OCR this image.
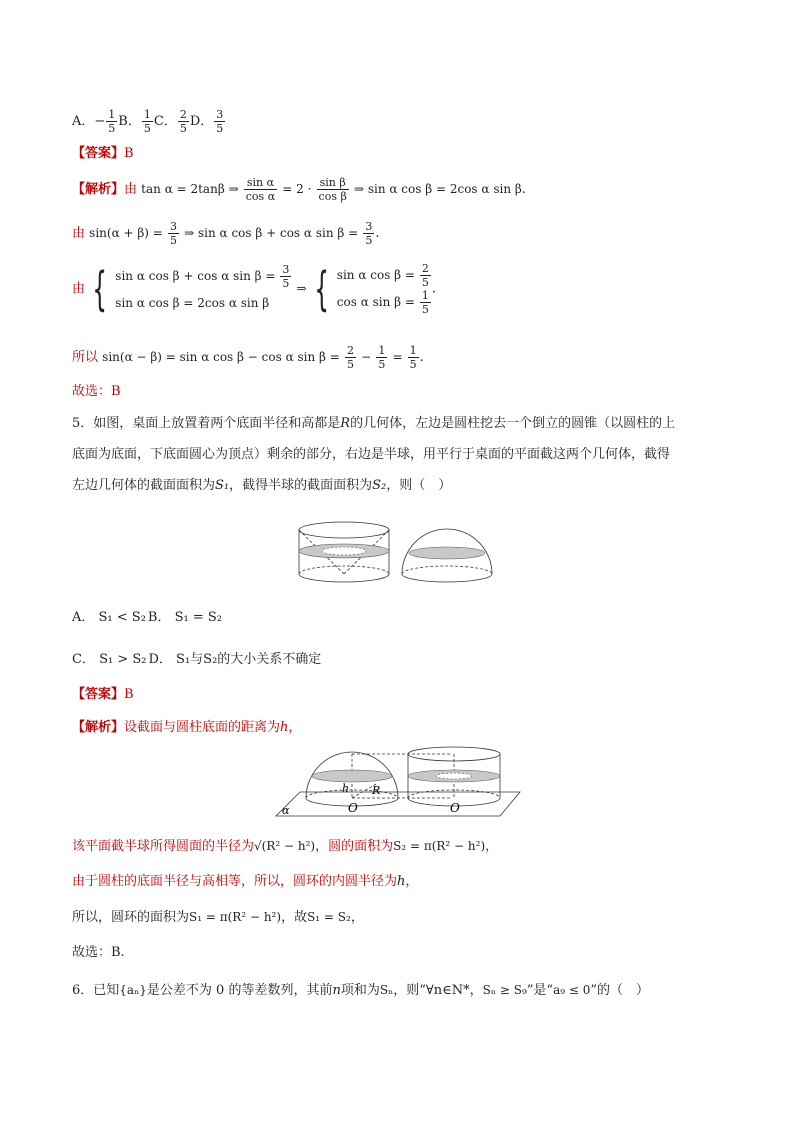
A．− $\frac{1}{5}$ B． $\frac{1}{5}$ C． $\frac{2}{5}$ D． $\frac{3}{5}$
【答案】B
【解析】由 tan α = 2tanβ ⇒ $\frac{\text{sin α}}{\text{cos α}} = 2 \cdot \frac{\text{sin β}}{\text{cos β}}$ ⇒ sin α cos β = 2cos α sin β.
由 $\sin(\alpha + \beta) = \frac{3}{5}$ ⇒ sin α cos β + cos α $\sin \beta = \frac{3}{5}$ .
由 { sin α cos β + cos α $\sin \beta = \frac{3}{5}$
sin α cos β = 2cos α sin β
⇒ { sin α $\cos \beta = \frac{2}{5}$
cos α $\sin \beta = \frac{1}{5}$ .
所以 sin(α − β) = sin α cos β − cos α $\sin \beta = \frac{2}{5} - \frac{1}{5} = \frac{1}{5}$ .
故选：B
5．如图，桌面上放置着两个底面半径和高都是R的几何体，左边是圆柱挖去一个倒立的圆锥（以圆柱的上
底面为底面，下底面圆心为顶点）剩余的部分，右边是半球，用平行于桌面的平面截这两个几何体，截得
左边几何体的截面面积为S₁，截得半球的截面面积为S₂，则（　）
A． S₁ < S₂ B． S₁ = S₂
C． S₁ > S₂ D． S₁与S₂的大小关系不确定
【答案】B
【解析】设截面与圆柱底面的距离为h，
h R
O	O
α
该平面截半球所得圆面的半径为√(R² − h²)，圆的面积为S₂ = π(R² − h²)，
由于圆柱的底面半径与高相等，所以，圆环的内圆半径为h，
所以，圆环的面积为S₁ = π(R² − h²)，故S₁ = S₂，
故选：B.
6．已知{aₙ}是公差不为 0 的等差数列，其前n项和为Sₙ，则“∀n∈N*，Sₙ ≥ S₉”是“a₉ ≤ 0”的（　）
